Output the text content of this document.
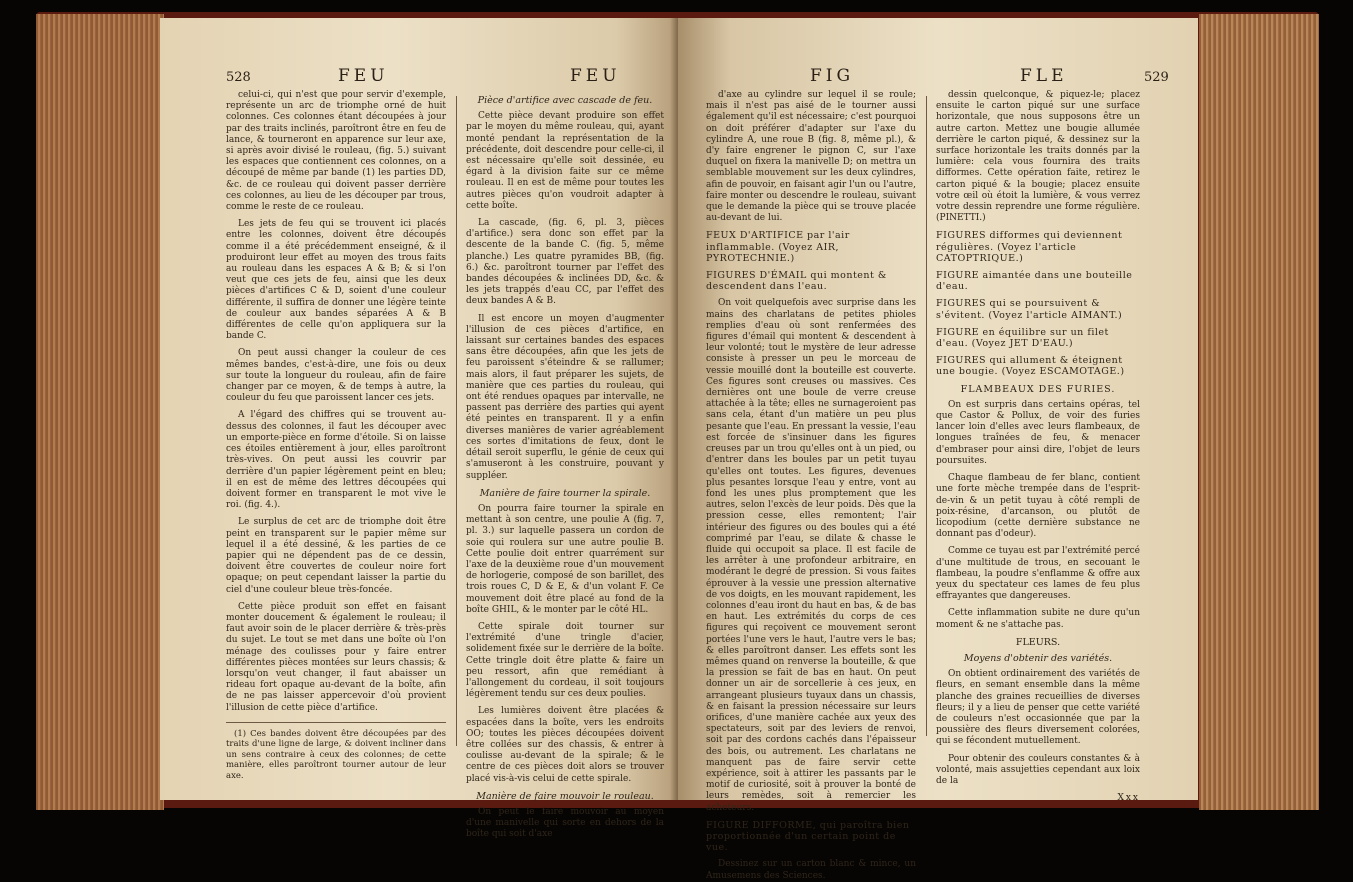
528	FEU	FEU

celui-ci, qui n'est que pour servir d'exemple, représente un arc de triomphe orné de huit colonnes. Ces colonnes étant découpées à jour par des traits inclinés, paroîtront être en feu de lance, & tourneront en apparence sur leur axe, si après avoir divisé le rouleau, (fig. 5.) suivant les espaces que contiennent ces colonnes, on a découpé de même par bande (1) les parties DD, &c. de ce rouleau qui doivent passer derrière ces colonnes, au lieu de les découper par trous, comme le reste de ce rouleau.

Les jets de feu qui se trouvent ici placés entre les colonnes, doivent être découpés comme il a été précédemment enseigné, & il produiront leur effet au moyen des trous faits au rouleau dans les espaces A & B; & si l'on veut que ces jets de feu, ainsi que les deux pièces d'artifices C & D, soient d'une couleur différente, il suffira de donner une légère teinte de couleur aux bandes séparées A & B différentes de celle qu'on appliquera sur la bande C.

On peut aussi changer la couleur de ces mêmes bandes, c'est-à-dire, une fois ou deux sur toute la longueur du rouleau, afin de faire changer par ce moyen, & de temps à autre, la couleur du feu que paroissent lancer ces jets.

A l'égard des chiffres qui se trouvent au-dessus des colonnes, il faut les découper avec un emporte-pièce en forme d'étoile. Si on laisse ces étoiles entièrement à jour, elles paroîtront très-vives. On peut aussi les couvrir par derrière d'un papier légèrement peint en bleu; il en est de même des lettres découpées qui doivent former en transparent le mot vive le roi. (fig. 4.).

Le surplus de cet arc de triomphe doit être peint en transparent sur le papier même sur lequel il a été dessiné, & les parties de ce papier qui ne dépendent pas de ce dessin, doivent être couvertes de couleur noire fort opaque; on peut cependant laisser la partie du ciel d'une couleur bleue très-foncée.

Cette pièce produit son effet en faisant monter doucement & également le rouleau; il faut avoir soin de le placer derrière & très-près du sujet. Le tout se met dans une boîte où l'on ménage des coulisses pour y faire entrer différentes pièces montées sur leurs chassis; & lorsqu'on veut changer, il faut abaisser un rideau fort opaque au-devant de la boîte, afin de ne pas laisser appercevoir d'où provient l'illusion de cette pièce d'artifice.

(1) Ces bandes doivent être découpées par des traits d'une ligne de large, & doivent incliner dans un sens contraire à ceux des colonnes; de cette manière, elles paroîtront tourner autour de leur axe.

Pièce d'artifice avec cascade de feu.

Cette pièce devant produire son effet par le moyen du même rouleau, qui, ayant monté pendant la représentation de la précédente, doit descendre pour celle-ci, il est nécessaire qu'elle soit dessinée, eu égard à la division faite sur ce même rouleau. Il en est de même pour toutes les autres pièces qu'on voudroit adapter à cette boîte.

La cascade, (fig. 6, pl. 3, pièces d'artifice.) sera donc son effet par la descente de la bande C. (fig. 5, même planche.) Les quatre pyramides BB, (fig. 6.) &c. paroîtront tourner par l'effet des bandes découpées & inclinées DD, &c. & les jets trappés d'eau CC, par l'effet des deux bandes A & B.

Il est encore un moyen d'augmenter l'illusion de ces pièces d'artifice, en laissant sur certaines bandes des espaces sans être découpées, afin que les jets de feu paroissent s'éteindre & se rallumer; mais alors, il faut préparer les sujets, de manière que ces parties du rouleau, qui ont été rendues opaques par intervalle, ne passent pas derrière des parties qui ayent été peintes en transparent. Il y a enfin diverses manières de varier agréablement ces sortes d'imitations de feux, dont le détail seroit superflu, le génie de ceux qui s'amuseront à les construire, pouvant y suppléer.

Manière de faire tourner la spirale.

On pourra faire tourner la spirale en mettant à son centre, une poulie A (fig. 7, pl. 3.) sur laquelle passera un cordon de soie qui roulera sur une autre poulie B. Cette poulie doit entrer quarrément sur l'axe de la deuxième roue d'un mouvement de horlogerie, composé de son barillet, des trois roues C, D & E, & d'un volant F. Ce mouvement doit être placé au fond de la boîte GHIL, & le monter par le côté HL.

Cette spirale doit tourner sur l'extrémité d'une tringle d'acier, solidement fixée sur le derrière de la boîte. Cette tringle doit être platte & faire un peu ressort, afin que remédiant à l'allongement du cordeau, il soit toujours légèrement tendu sur ces deux poulies.

Les lumières doivent être placées & espacées dans la boîte, vers les endroits OO; toutes les pièces découpées doivent être collées sur des chassis, & entrer à coulisse au-devant de la spirale; & le centre de ces pièces doit alors se trouver placé vis-à-vis celui de cette spirale.

Manière de faire mouvoir le rouleau.

On peut le faire mouvoir au moyen d'une manivelle qui sorte en dehors de la boîte qui soit d'axe

FIG	FLE	529

d'axe au cylindre sur lequel il se roule; mais il n'est pas aisé de le tourner aussi également qu'il est nécessaire; c'est pourquoi on doit préférer d'adapter sur l'axe du cylindre A, une roue B (fig. 8, même pl.), & d'y faire engrener le pignon C, sur l'axe duquel on fixera la manivelle D; on mettra un semblable mouvement sur les deux cylindres, afin de pouvoir, en faisant agir l'un ou l'autre, faire monter ou descendre le rouleau, suivant que le demande la pièce qui se trouve placée au-devant de lui.

FEUX D'ARTIFICE par l'air inflammable. (Voyez AIR, PYROTECHNIE.)

FIGURES D'ÉMAIL qui montent & descendent dans l'eau.

On voit quelquefois avec surprise dans les mains des charlatans de petites phioles remplies d'eau où sont renfermées des figures d'émail qui montent & descendent à leur volonté; tout le mystère de leur adresse consiste à presser un peu le morceau de vessie mouillé dont la bouteille est couverte. Ces figures sont creuses ou massives. Ces dernières ont une boule de verre creuse attachée à la tête; elles ne surnageroient pas sans cela, étant d'un matière un peu plus pesante que l'eau. En pressant la vessie, l'eau est forcée de s'insinuer dans les figures creuses par un trou qu'elles ont à un pied, ou d'entrer dans les boules par un petit tuyau qu'elles ont toutes. Les figures, devenues plus pesantes lorsque l'eau y entre, vont au fond les unes plus promptement que les autres, selon l'excès de leur poids. Dès que la pression cesse, elles remontent; l'air intérieur des figures ou des boules qui a été comprimé par l'eau, se dilate & chasse le fluide qui occupoit sa place. Il est facile de les arrêter à une profondeur arbitraire, en modérant le degré de pression. Si vous faites éprouver à la vessie une pression alternative de vos doigts, en les mouvant rapidement, les colonnes d'eau iront du haut en bas, & de bas en haut. Les extrémités du corps de ces figures qui reçoivent ce mouvement seront portées l'une vers le haut, l'autre vers le bas; & elles paroîtront danser. Les effets sont les mêmes quand on renverse la bouteille, & que la pression se fait de bas en haut. On peut donner un air de sorcellerie à ces jeux, en arrangeant plusieurs tuyaux dans un chassis, & en faisant la pression nécessaire sur leurs orifices, d'une manière cachée aux yeux des spectateurs, soit par des leviers de renvoi, soit par des cordons cachés dans l'épaisseur des bois, ou autrement. Les charlatans ne manquent pas de faire servir cette expérience, soit à attirer les passants par le motif de curiosité, soit à prouver la bonté de leurs remèdes, soit à remercier les acheteurs.

FIGURE DIFFORME, qui paroîtra bien proportionnée d'un certain point de vue.

Dessinez sur un carton blanc & mince, un Amusemens des Sciences.

dessin quelconque, & piquez-le; placez ensuite le carton piqué sur une surface horizontale, que nous supposons être un autre carton. Mettez une bougie allumée derrière le carton piqué, & dessinez sur la surface horizontale les traits donnés par la lumière: cela vous fournira des traits difformes. Cette opération faite, retirez le carton piqué & la bougie; placez ensuite votre œil où étoit la lumière, & vous verrez votre dessin reprendre une forme régulière. (PINETTI.)

FIGURES difformes qui deviennent régulières. (Voyez l'article CATOPTRIQUE.)

FIGURE aimantée dans une bouteille d'eau.

FIGURES qui se poursuivent & s'évitent. (Voyez l'article AIMANT.)

FIGURE en équilibre sur un filet d'eau. (Voyez JET D'EAU.)

FIGURES qui allument & éteignent une bougie. (Voyez ESCAMOTAGE.)

FLAMBEAUX DES FURIES.

On est surpris dans certains opéras, tel que Castor & Pollux, de voir des furies lancer loin d'elles avec leurs flambeaux, de longues traînées de feu, & menacer d'embraser pour ainsi dire, l'objet de leurs poursuites.

Chaque flambeau de fer blanc, contient une forte mèche trempée dans de l'esprit-de-vin & un petit tuyau à côté rempli de poix-résine, d'arcanson, ou plutôt de licopodium (cette dernière substance ne donnant pas d'odeur).

Comme ce tuyau est par l'extrémité percé d'une multitude de trous, en secouant le flambeau, la poudre s'enflamme & offre aux yeux du spectateur ces lames de feu plus effrayantes que dangereuses.

Cette inflammation subite ne dure qu'un moment & ne s'attache pas.

FLEURS.
Moyens d'obtenir des variétés.

On obtient ordinairement des variétés de fleurs, en semant ensemble dans la même planche des graines recueillies de diverses fleurs; il y a lieu de penser que cette variété de couleurs n'est occasionnée que par la poussière des fleurs diversement colorées, qui se fécondent mutuellement.

Pour obtenir des couleurs constantes & à volonté, mais assujetties cependant aux loix de la

Xxx
